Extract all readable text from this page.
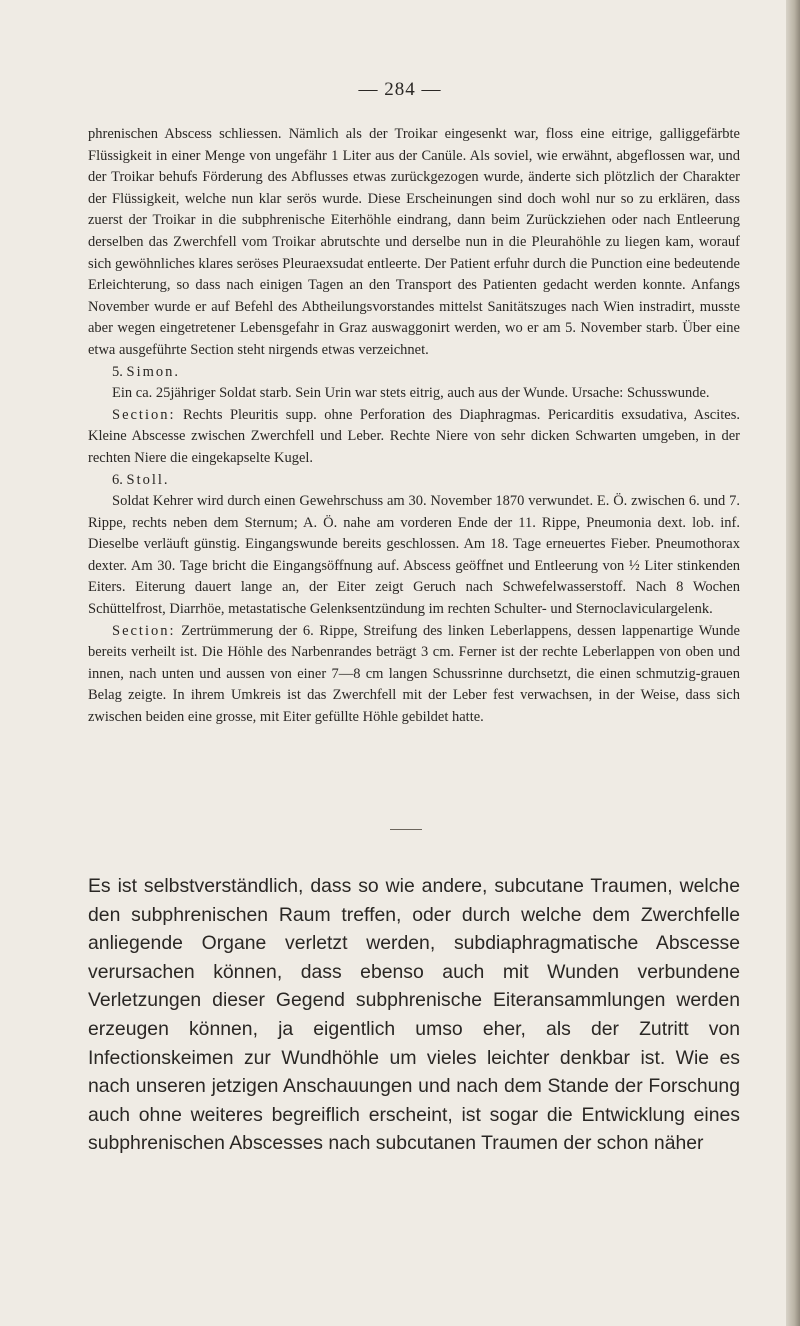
— 284 —

phrenischen Abscess schliessen. Nämlich als der Troikar eingesenkt war, floss eine eitrige, galliggefärbte Flüssigkeit in einer Menge von ungefähr 1 Liter aus der Canüle. Als soviel, wie erwähnt, abgeflossen war, und der Troikar behufs Förderung des Abflusses etwas zurückgezogen wurde, änderte sich plötzlich der Charakter der Flüssigkeit, welche nun klar serös wurde. Diese Erscheinungen sind doch wohl nur so zu erklären, dass zuerst der Troikar in die subphrenische Eiterhöhle eindrang, dann beim Zurückziehen oder nach Entleerung derselben das Zwerchfell vom Troikar abrutschte und derselbe nun in die Pleurahöhle zu liegen kam, worauf sich gewöhnliches klares seröses Pleuraexsudat entleerte. Der Patient erfuhr durch die Punction eine bedeutende Erleichterung, so dass nach einigen Tagen an den Transport des Patienten gedacht werden konnte. Anfangs November wurde er auf Befehl des Abtheilungsvorstandes mittelst Sanitätszuges nach Wien instradirt, musste aber wegen eingetretener Lebensgefahr in Graz auswaggonirt werden, wo er am 5. November starb. Über eine etwa ausgeführte Section steht nirgends etwas verzeichnet.

5. Simon.

Ein ca. 25jähriger Soldat starb. Sein Urin war stets eitrig, auch aus der Wunde. Ursache: Schusswunde.

Section: Rechts Pleuritis supp. ohne Perforation des Diaphragmas. Pericarditis exsudativa, Ascites. Kleine Abscesse zwischen Zwerchfell und Leber. Rechte Niere von sehr dicken Schwarten umgeben, in der rechten Niere die eingekapselte Kugel.

6. Stoll.

Soldat Kehrer wird durch einen Gewehrschuss am 30. November 1870 verwundet. E. Ö. zwischen 6. und 7. Rippe, rechts neben dem Sternum; A. Ö. nahe am vorderen Ende der 11. Rippe, Pneumonia dext. lob. inf. Dieselbe verläuft günstig. Eingangswunde bereits geschlossen. Am 18. Tage erneuertes Fieber. Pneumothorax dexter. Am 30. Tage bricht die Eingangsöffnung auf. Abscess geöffnet und Entleerung von ½ Liter stinkenden Eiters. Eiterung dauert lange an, der Eiter zeigt Geruch nach Schwefelwasserstoff. Nach 8 Wochen Schüttelfrost, Diarrhöe, metastatische Gelenksentzündung im rechten Schulter- und Sternoclaviculargelenk.

Section: Zertrümmerung der 6. Rippe, Streifung des linken Leberlappens, dessen lappenartige Wunde bereits verheilt ist. Die Höhle des Narbenrandes beträgt 3 cm. Ferner ist der rechte Leberlappen von oben und innen, nach unten und aussen von einer 7—8 cm langen Schussrinne durchsetzt, die einen schmutzig-grauen Belag zeigte. In ihrem Umkreis ist das Zwerchfell mit der Leber fest verwachsen, in der Weise, dass sich zwischen beiden eine grosse, mit Eiter gefüllte Höhle gebildet hatte.

Es ist selbstverständlich, dass so wie andere, subcutane Traumen, welche den subphrenischen Raum treffen, oder durch welche dem Zwerchfelle anliegende Organe verletzt werden, subdiaphragmatische Abscesse verursachen können, dass ebenso auch mit Wunden verbundene Verletzungen dieser Gegend subphrenische Eiteransammlungen werden erzeugen können, ja eigentlich umso eher, als der Zutritt von Infectionskeimen zur Wundhöhle um vieles leichter denkbar ist. Wie es nach unseren jetzigen Anschauungen und nach dem Stande der Forschung auch ohne weiteres begreiflich erscheint, ist sogar die Entwicklung eines subphrenischen Abscesses nach subcutanen Traumen der schon näher
